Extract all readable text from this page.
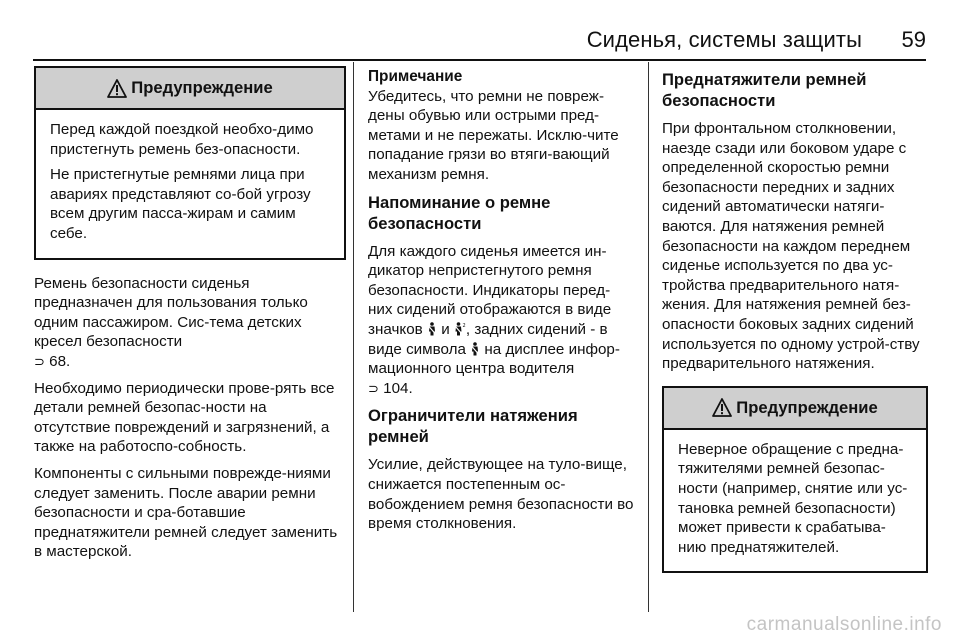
Сиденья, системы защиты 59
Предупреждение

Перед каждой поездкой необхо-димо пристегнуть ремень без-опасности.

Не пристегнутые ремнями лица при авариях представляют со-бой угрозу всем другим пасса-жирам и самим себе.

Ремень безопасности сиденья предназначен для пользования только одним пассажиром. Сис-тема детских кресел безопасности
⊃ 68.

Необходимо периодически прове-рять все детали ремней безопас-ности на отсутствие повреждений и загрязнений, а также на работоспо-собность.

Компоненты с сильными поврежде-ниями следует заменить. После аварии ремни безопасности и сра-ботавшие преднатяжители ремней следует заменить в мастерской.

Примечание

Убедитесь, что ремни не повреж-дены обувью или острыми пред-метами и не пережаты. Исклю-чите попадание грязи во втяги-вающий механизм ремня.

Напоминание о ремне безопасности

Для каждого сиденья имеется ин-дикатор непристегнутого ремня безопасности. Индикаторы перед-них сидений отображаются в виде значков и	2 , задних сидений - в виде символа на дисплее инфор-мационного центра водителя
⊃ 104.

Ограничители натяжения ремней

Усилие, действующее на туло-вище, снижается постепенным ос-вобождением ремня безопасности во время столкновения.

Преднатяжители ремней безопасности

При фронтальном столкновении, наезде сзади или боковом ударе с определенной скоростью ремни безопасности передних и задних сидений автоматически натяги-ваются. Для натяжения ремней безопасности на каждом переднем сиденье используется по два ус-тройства предварительного натя-жения. Для натяжения ремней без-опасности боковых задних сидений используется по одному устрой-ству предварительного натяжения.

Предупреждение

Неверное обращение с предна-тяжителями ремней безопас-ности (например, снятие или ус-тановка ремней безопасности) может привести к срабатыва-нию преднатяжителей.

carmanualsonline.info
